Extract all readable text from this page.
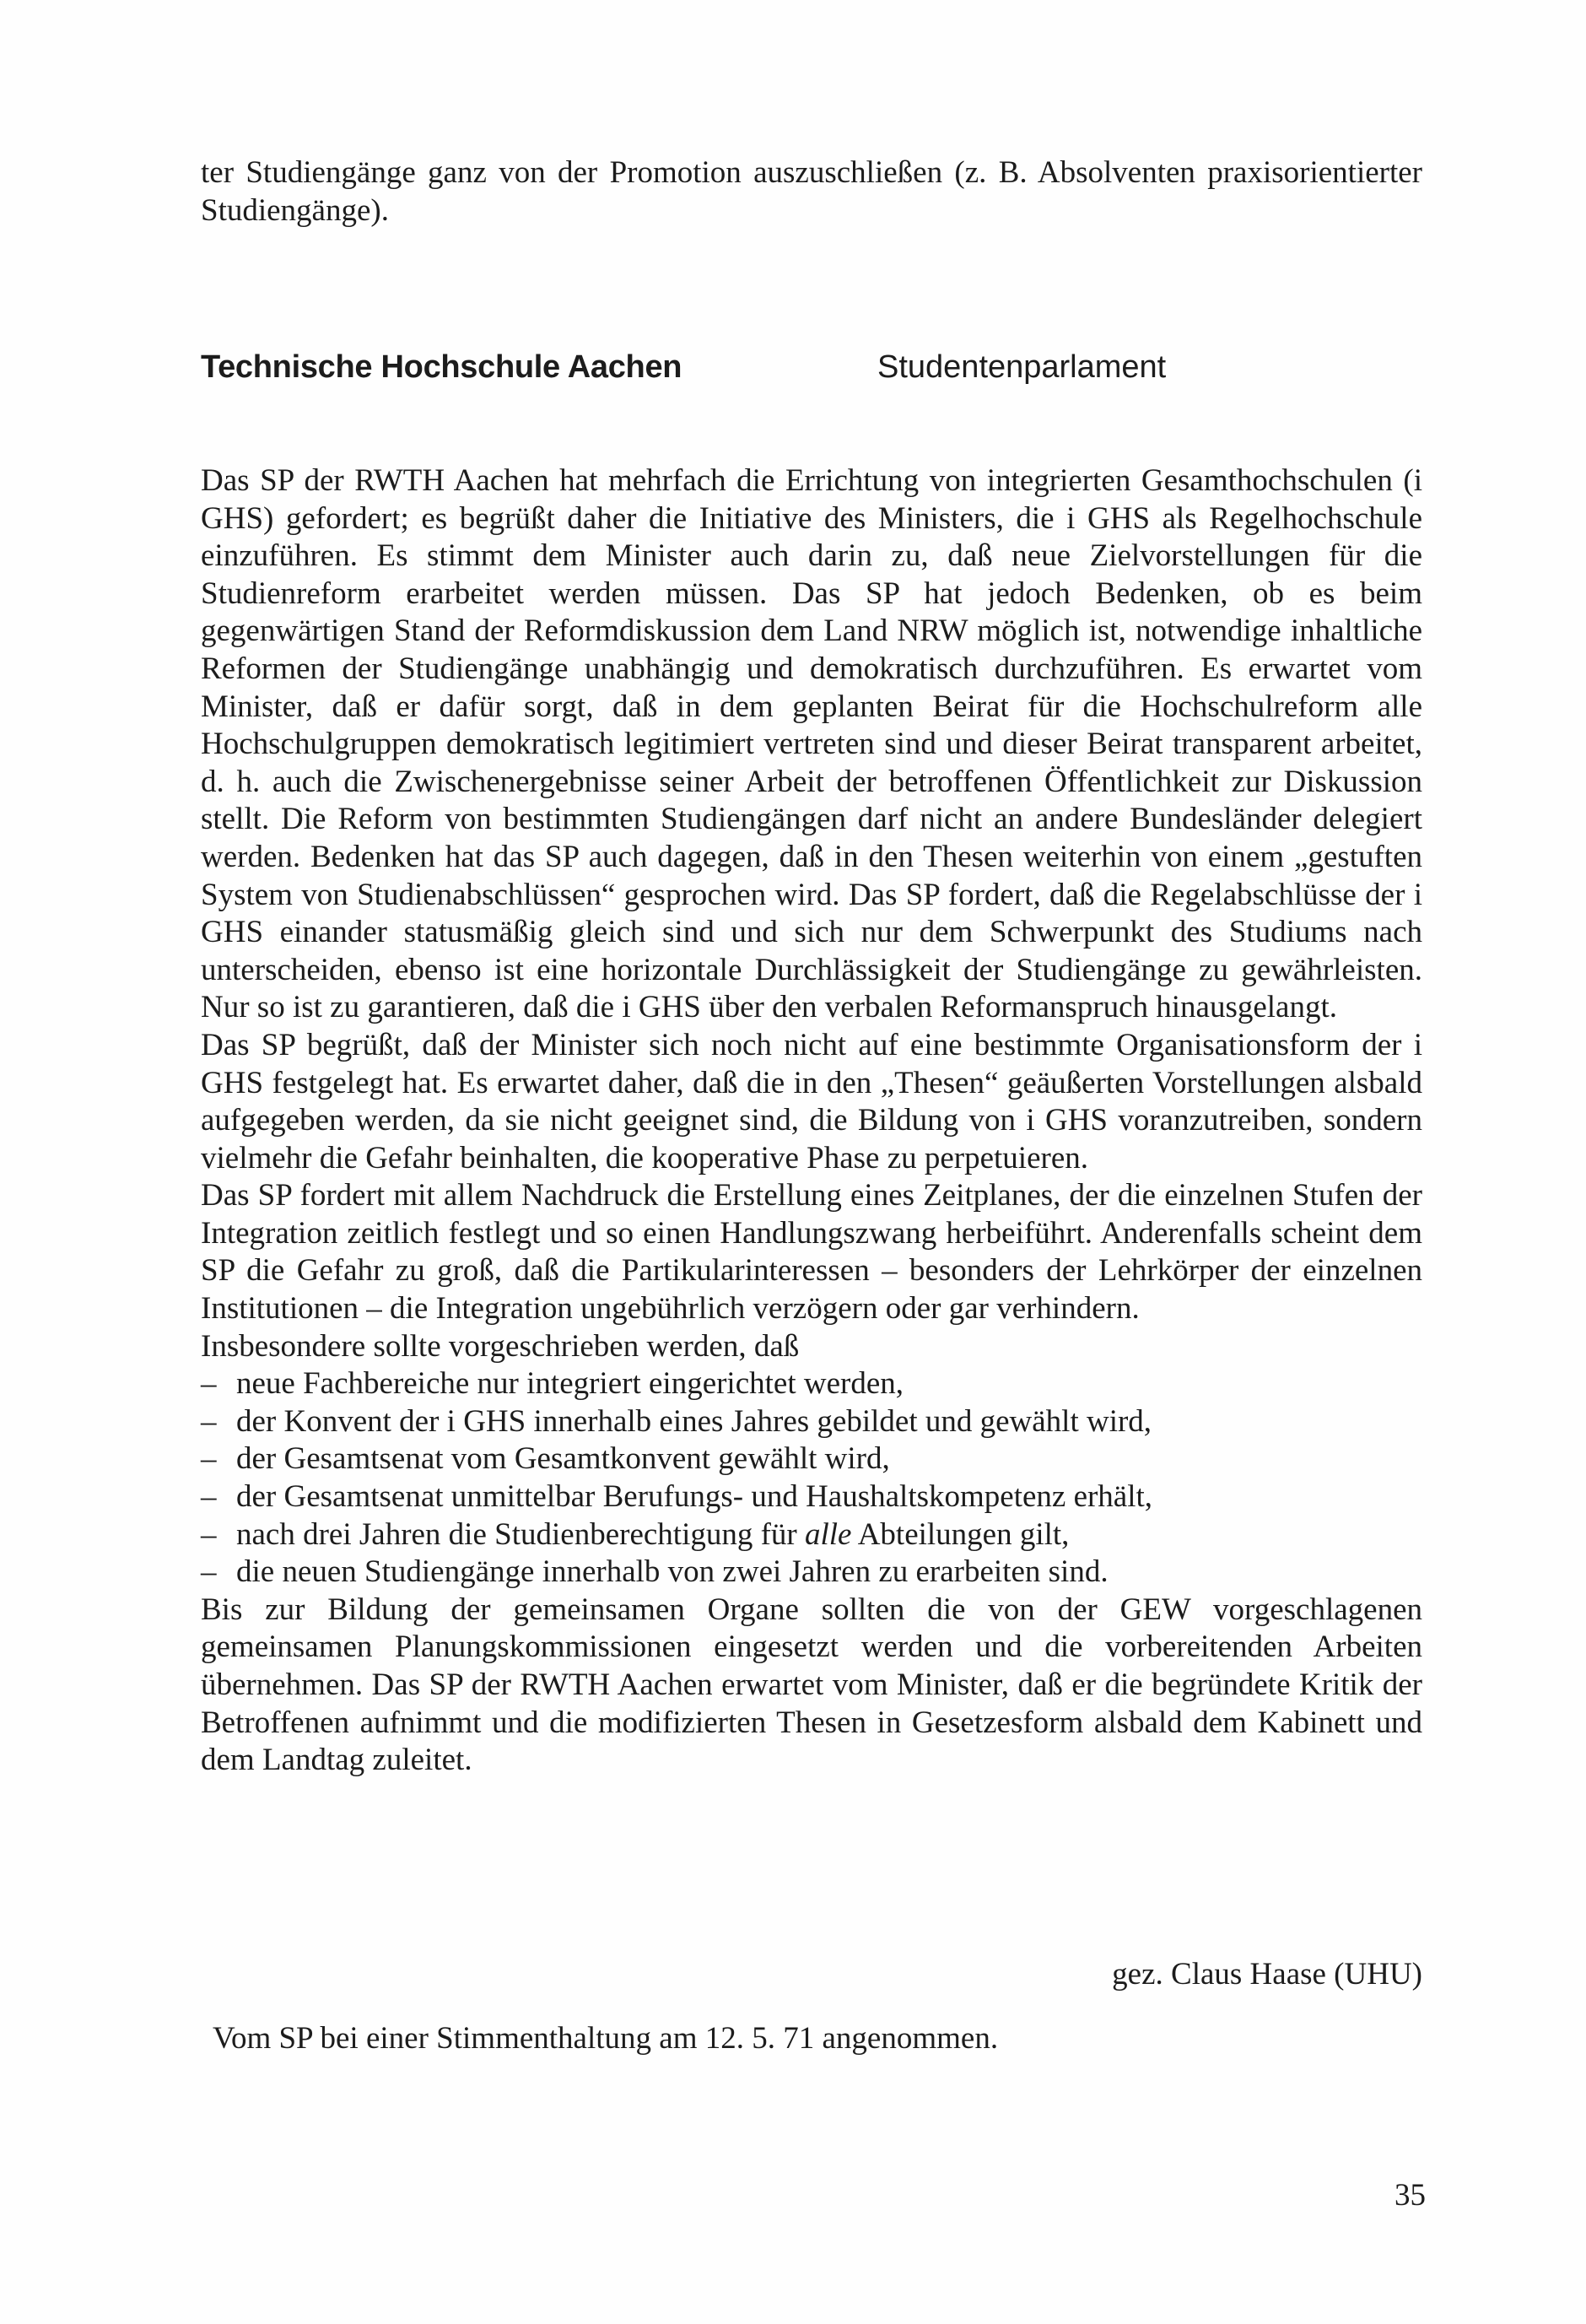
ter Studiengänge ganz von der Promotion auszuschließen (z. B. Absolventen praxisorientierter Studiengänge).

Technische Hochschule Aachen	Studentenparlament

Das SP der RWTH Aachen hat mehrfach die Errichtung von integrierten Gesamthochschulen (i GHS) gefordert; es begrüßt daher die Initiative des Ministers, die i GHS als Regelhochschule einzuführen. Es stimmt dem Minister auch darin zu, daß neue Zielvorstellungen für die Studienreform erarbeitet werden müssen. Das SP hat jedoch Bedenken, ob es beim gegenwärtigen Stand der Reformdiskussion dem Land NRW möglich ist, notwendige inhaltliche Reformen der Studiengänge unabhängig und demokratisch durchzuführen. Es erwartet vom Minister, daß er dafür sorgt, daß in dem geplanten Beirat für die Hochschulreform alle Hochschulgruppen demokratisch legitimiert vertreten sind und dieser Beirat transparent arbeitet, d. h. auch die Zwischenergebnisse seiner Arbeit der betroffenen Öffentlichkeit zur Diskussion stellt. Die Reform von bestimmten Studiengängen darf nicht an andere Bundesländer delegiert werden. Bedenken hat das SP auch dagegen, daß in den Thesen weiterhin von einem „gestuften System von Studienabschlüssen“ gesprochen wird. Das SP fordert, daß die Regelabschlüsse der i GHS einander statusmäßig gleich sind und sich nur dem Schwerpunkt des Studiums nach unterscheiden, ebenso ist eine horizontale Durchlässigkeit der Studiengänge zu gewährleisten. Nur so ist zu garantieren, daß die i GHS über den verbalen Reformanspruch hinausgelangt.

Das SP begrüßt, daß der Minister sich noch nicht auf eine bestimmte Organisationsform der i GHS festgelegt hat. Es erwartet daher, daß die in den „Thesen“ geäußerten Vorstellungen alsbald aufgegeben werden, da sie nicht geeignet sind, die Bildung von i GHS voranzutreiben, sondern vielmehr die Gefahr beinhalten, die kooperative Phase zu perpetuieren.

Das SP fordert mit allem Nachdruck die Erstellung eines Zeitplanes, der die einzelnen Stufen der Integration zeitlich festlegt und so einen Handlungszwang herbeiführt. Anderenfalls scheint dem SP die Gefahr zu groß, daß die Partikularinteressen – besonders der Lehrkörper der einzelnen Institutionen – die Integration ungebührlich verzögern oder gar verhindern.

Insbesondere sollte vorgeschrieben werden, daß

– neue Fachbereiche nur integriert eingerichtet werden,
– der Konvent der i GHS innerhalb eines Jahres gebildet und gewählt wird,
– der Gesamtsenat vom Gesamtkonvent gewählt wird,
– der Gesamtsenat unmittelbar Berufungs- und Haushaltskompetenz erhält,
– nach drei Jahren die Studienberechtigung für alle Abteilungen gilt,
– die neuen Studiengänge innerhalb von zwei Jahren zu erarbeiten sind.

Bis zur Bildung der gemeinsamen Organe sollten die von der GEW vorgeschlagenen gemeinsamen Planungskommissionen eingesetzt werden und die vorbereitenden Arbeiten übernehmen. Das SP der RWTH Aachen erwartet vom Minister, daß er die begründete Kritik der Betroffenen aufnimmt und die modifizierten Thesen in Gesetzesform alsbald dem Kabinett und dem Landtag zuleitet.

gez. Claus Haase (UHU)

Vom SP bei einer Stimmenthaltung am 12. 5. 71 angenommen.

35
